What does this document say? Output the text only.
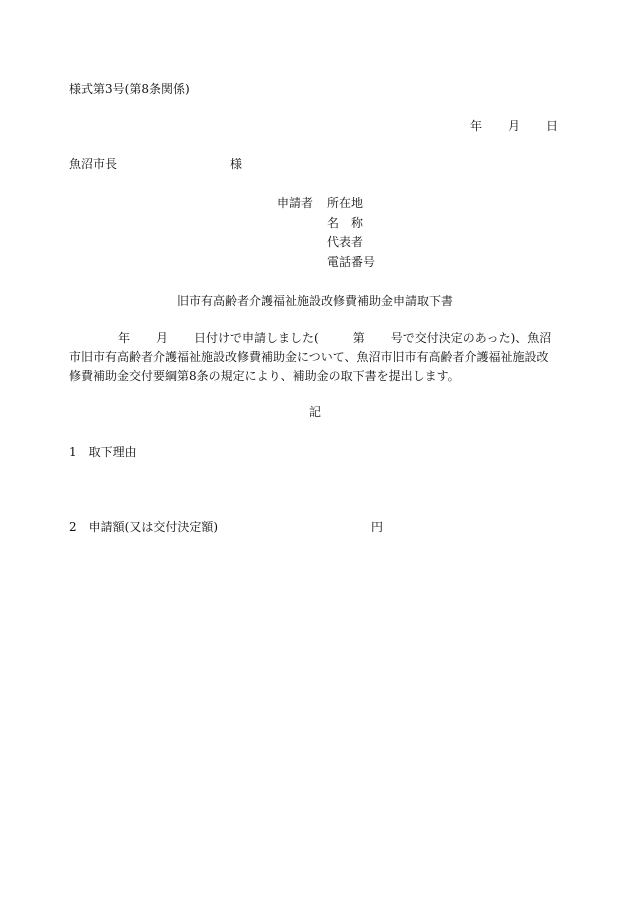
様式第3号(第8条関係)
年 月 日
魚沼市長	様
申請者 所在地
名　称
代表者
電話番号
旧市有高齢者介護福祉施設改修費補助金申請取下書
年 月 日付けで申請しました(	第 号で交付決定のあった)、魚沼
市旧市有高齢者介護福祉施設改修費補助金について、魚沼市旧市有高齢者介護福祉施設改
修費補助金交付要綱第8条の規定により、補助金の取下書を提出します。
記
1 取下理由
2 申請額(又は交付決定額)	円
